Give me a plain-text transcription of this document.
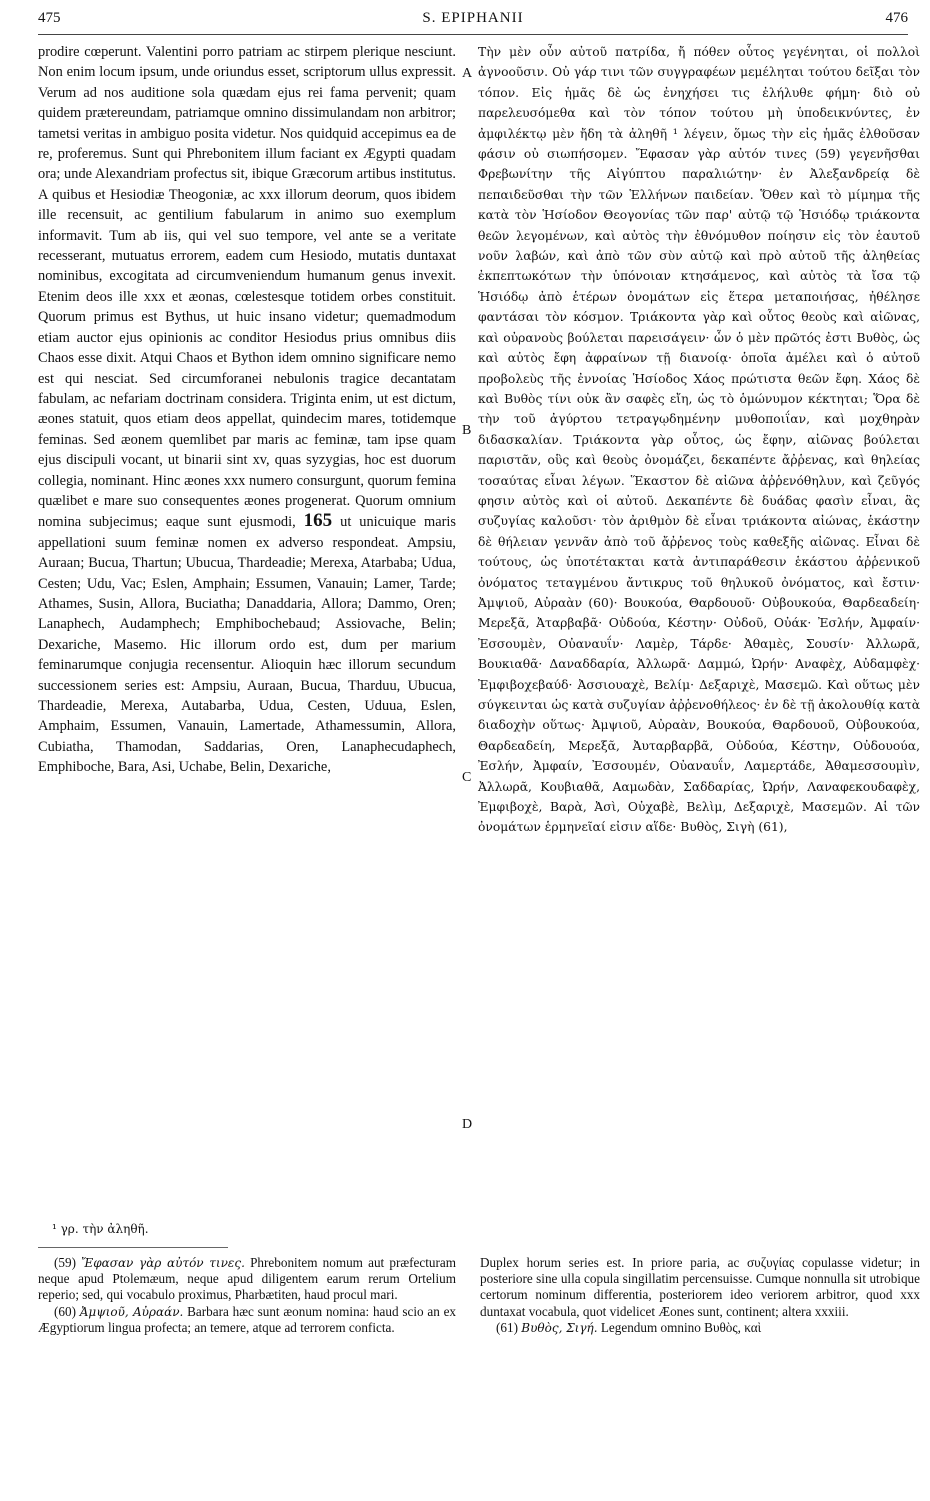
475	S. EPIPHANII	476
prodire cœperunt. Valentini porro patriam ac stirpem plerique nesciunt. Non enim locum ipsum, unde oriundus esset, scriptorum ullus expressit. Verum ad nos auditione sola quædam ejus rei fama pervenit; quam quidem prætereundam, patriamque omnino dissimulandam non arbitror; tametsi veritas in ambiguo posita videtur. Nos quidquid accepimus ea de re, proferemus. Sunt qui Phrebonitem illum faciant ex Ægypti quadam ora; unde Alexandriam profectus sit, ibique Græcorum artibus institutus. A quibus et Hesiodiæ Theogoniæ, ac xxx illorum deorum, quos ibidem ille recensuit, ac gentilium fabularum in animo suo exemplum informavit. Tum ab iis, qui vel suo tempore, vel ante se a veritate recesserant, mutuatus errorem, eadem cum Hesiodo, mutatis duntaxat nominibus, excogitata ad circumveniendum humanum genus invexit. Etenim deos ille xxx et æonas, cœlestesque totidem orbes constituit. Quorum primus est Bythus, ut huic insano videtur; quemadmodum etiam auctor ejus opinionis ac conditor Hesiodus prius omnibus diis Chaos esse dixit. Atqui Chaos et Bython idem omnino significare nemo est qui nesciat. Sed circumforanei nebulonis tragice decantatam fabulam, ac nefariam doctrinam considera. Triginta enim, ut est dictum, æones statuit, quos etiam deos appellat, quindecim mares, totidemque feminas. Sed æonem quemlibet par maris ac feminæ, tam ipse quam ejus discipuli vocant, ut binarii sint xv, quas syzygias, hoc est duorum collegia, nominant. Hinc æones xxx numero consurgunt, quorum femina quælibet e mare suo consequentes æones progenerat. Quorum omnium nomina subjecimus; eaque sunt ejusmodi, 165 ut unicuique maris appellationi suum feminæ nomen ex adverso respondeat. Ampsiu, Auraan; Bucua, Thartun; Ubucua, Thardeadie; Merexa, Atarbaba; Udua, Cesten; Udu, Vac; Eslen, Amphain; Essumen, Vanauin; Lamer, Tarde; Athames, Susin, Allora, Buciatha; Danaddaria, Allora; Dammo, Oren; Lanaphech, Audamphech; Emphibochebaud; Assiovache, Belin; Dexariche, Masemo. Hic illorum ordo est, dum per marium feminarumque conjugia recensentur. Alioquin hæc illorum secundum successionem series est: Ampsiu, Auraan, Bucua, Tharduu, Ubucua, Thardeadie, Merexa, Autabarba, Udua, Cesten, Uduua, Eslen, Amphaim, Essumen, Vanauin, Lamertade, Athamessumin, Allora, Cubiatha, Thamodan, Saddarias, Oren, Lanaphecudaphech, Emphiboche, Bara, Asi, Uchabe, Belin, Dexariche,
A
B
C
D
Τὴν μὲν οὖν αὐτοῦ πατρίδα, ἤ πόθεν οὗτος γεγένηται, οἱ πολλοὶ ἀγνοοῦσιν. Οὐ γάρ τινι τῶν συγγραφέων μεμέληται τούτου δεῖξαι τὸν τόπον. Εἰς ἡμᾶς δὲ ὡς ἐνηχήσει τις ἐλήλυθε φήμη· διὸ οὐ παρελευσόμεθα καὶ τὸν τόπον τούτου μὴ ὑποδεικνύντες, ἐν ἀμφιλέκτῳ μὲν ἤδη τὰ ἀληθῆ ¹ λέγειν, ὅμως τὴν εἰς ἡμᾶς ἐλθοῦσαν φάσιν οὐ σιωπήσομεν. Ἔφασαν γὰρ αὐτόν τινες (59) γεγενῆσθαι Φρεβωνίτην τῆς Αἰγύπτου παραλιώτην· ἐν Ἀλεξανδρείᾳ δὲ πεπαιδεῦσθαι τὴν τῶν Ἑλλήνων παιδείαν. Ὅθεν καὶ τὸ μίμημα τῆς κατὰ τὸν Ἡσίοδον Θεογονίας τῶν παρ' αὐτῷ τῷ Ἡσιόδῳ τριάκοντα θεῶν λεγομένων, καὶ αὐτὸς τὴν ἐθνόμυθον ποίησιν εἰς τὸν ἑαυτοῦ νοῦν λαβών, καὶ ἀπὸ τῶν σὺν αὐτῷ καὶ πρὸ αὐτοῦ τῆς ἀληθείας ἐκπεπτωκότων τὴν ὑπόνοιαν κτησάμενος, καὶ αὐτὸς τὰ ἴσα τῷ Ἡσιόδῳ ἀπὸ ἑτέρων ὀνομάτων εἰς ἕτερα μεταποιήσας, ἠθέλησε φαντάσαι τὸν κόσμον. Τριάκοντα γὰρ καὶ οὗτος θεοὺς καὶ αἰῶνας, καὶ οὐρανοὺς βούλεται παρεισάγειν· ὧν ὁ μὲν πρῶτός ἐστι Βυθὸς, ὡς καὶ αὐτὸς ἔφη ἀφραίνων τῇ διανοίᾳ· ὁποῖα ἀμέλει καὶ ὁ αὐτοῦ προβολεὺς τῆς ἐννοίας Ἡσίοδος Χάος πρώτιστα θεῶν ἔφη. Χάος δὲ καὶ Βυθὸς τίνι οὐκ ἂν σαφὲς εἴη, ὡς τὸ ὁμώνυμον κέκτηται; Ὅρα δὲ τὴν τοῦ ἀγύρτου τετραγῳδημένην μυθοποιΐαν, καὶ μοχθηρὰν διδασκαλίαν. Τριάκοντα γὰρ οὗτος, ὡς ἔφην, αἰῶνας βούλεται παριστᾶν, οὓς καὶ θεοὺς ὀνομάζει, δεκαπέντε ἄῤῥενας, καὶ θηλείας τοσαύτας εἶναι λέγων. Ἕκαστον δὲ αἰῶνα ἀῤῥενόθηλυν, καὶ ζεῦγός φησιν αὐτὸς καὶ οἱ αὐτοῦ. Δεκαπέντε δὲ δυάδας φασὶν εἶναι, ἃς συζυγίας καλοῦσι· τὸν ἀριθμὸν δὲ εἶναι τριάκοντα αἰώνας, ἑκάστην δὲ θήλειαν γεννᾶν ἀπὸ τοῦ ἄῤῥενος τοὺς καθεξῆς αἰῶνας. Εἶναι δὲ τούτους, ὡς ὑποτέτακται κατὰ ἀντιπαράθεσιν ἑκάστου ἀῤῥενικοῦ ὀνόματος τεταγμένου ἄντικρυς τοῦ θηλυκοῦ ὀνόματος, καὶ ἔστιν· Ἀμψιοῦ, Αὐραὰν (60)· Βουκούα, Θαρδουοῦ· Οὐβουκούα, Θαρδεαδείη· Μερεξᾶ, Ἀταρβαβᾶ· Οὐδούα, Κέστην· Οὐδοῦ, Οὐάκ· Ἐσλήν, Ἀμφαίν· Ἐσσουμὲν, Οὐαναυΐν· Λαμὲρ, Τάρδε· Ἀθαμὲς, Σουσίν· Ἀλλωρᾶ, Βουκιαθᾶ· Δαναδδαρία, Ἀλλωρᾶ· Δαμμώ, Ὠρήν· Αναφὲχ, Αὐδαμφὲχ· Ἐμφιβοχεβαύδ· Ἀσσιουαχὲ, Βελίμ· Δεξαριχὲ, Μασεμῶ. Καὶ οὕτως μὲν σύγκεινται ὡς κατὰ συζυγίαν ἀῤῥενοθήλεος· ἐν δὲ τῇ ἀκολουθίᾳ κατὰ διαδοχὴν οὕτως· Ἀμψιοῦ, Αὐραὰν, Βουκούα, Θαρδουοῦ, Οὐβουκούα, Θαρδεαδείη, Μερεξᾶ, Ἀυταρβαρβᾶ, Οὐδούα, Κέστην, Οὐδουούα, Ἐσλήν, Ἀμφαίν, Ἐσσουμέν, Οὐαναυΐν, Λαμερτάδε, Ἀθαμεσσουμὶν, Ἀλλωρᾶ, Κουβιαθᾶ, Ααμωδὰν, Σαδδαρίας, Ὠρήν, Λαναφεκουδαφὲχ, Ἐμφιβοχὲ, Βαρὰ, Ἀσὶ, Οὐχαβὲ, Βελὶμ, Δεξαριχὲ, Μασεμῶν. Αἱ τῶν ὀνομάτων ἑρμηνεῖαί εἰσιν αἵδε· Βυθὸς, Σιγὴ (61),
¹ γρ. τὴν ἀληθῆ.

(59) Ἔφασαν γὰρ αὐτόν τινες. Phrebonitem nomum aut præfecturam neque apud Ptolemæum, neque apud diligentem earum rerum Ortelium reperio; sed, qui vocabulo proximus, Pharbætiten, haud procul mari.

(60) Ἀμψιοῦ, Αὐραάν. Barbara hæc sunt æonum nomina: haud scio an ex Ægyptiorum lingua profecta; an temere, atque ad terrorem conficta.

Duplex horum series est. In priore paria, ac συζυγίας copulasse videtur; in posteriore sine ulla copula singillatim percensuisse. Cumque nonnulla sit utrobique certorum nominum differentia, posteriorem ideo veriorem arbitror, quod xxx duntaxat vocabula, quot videlicet Æones sunt, continent; altera xxxiii.

(61) Βυθὸς, Σιγή. Legendum omnino Βυθὸς, καὶ
